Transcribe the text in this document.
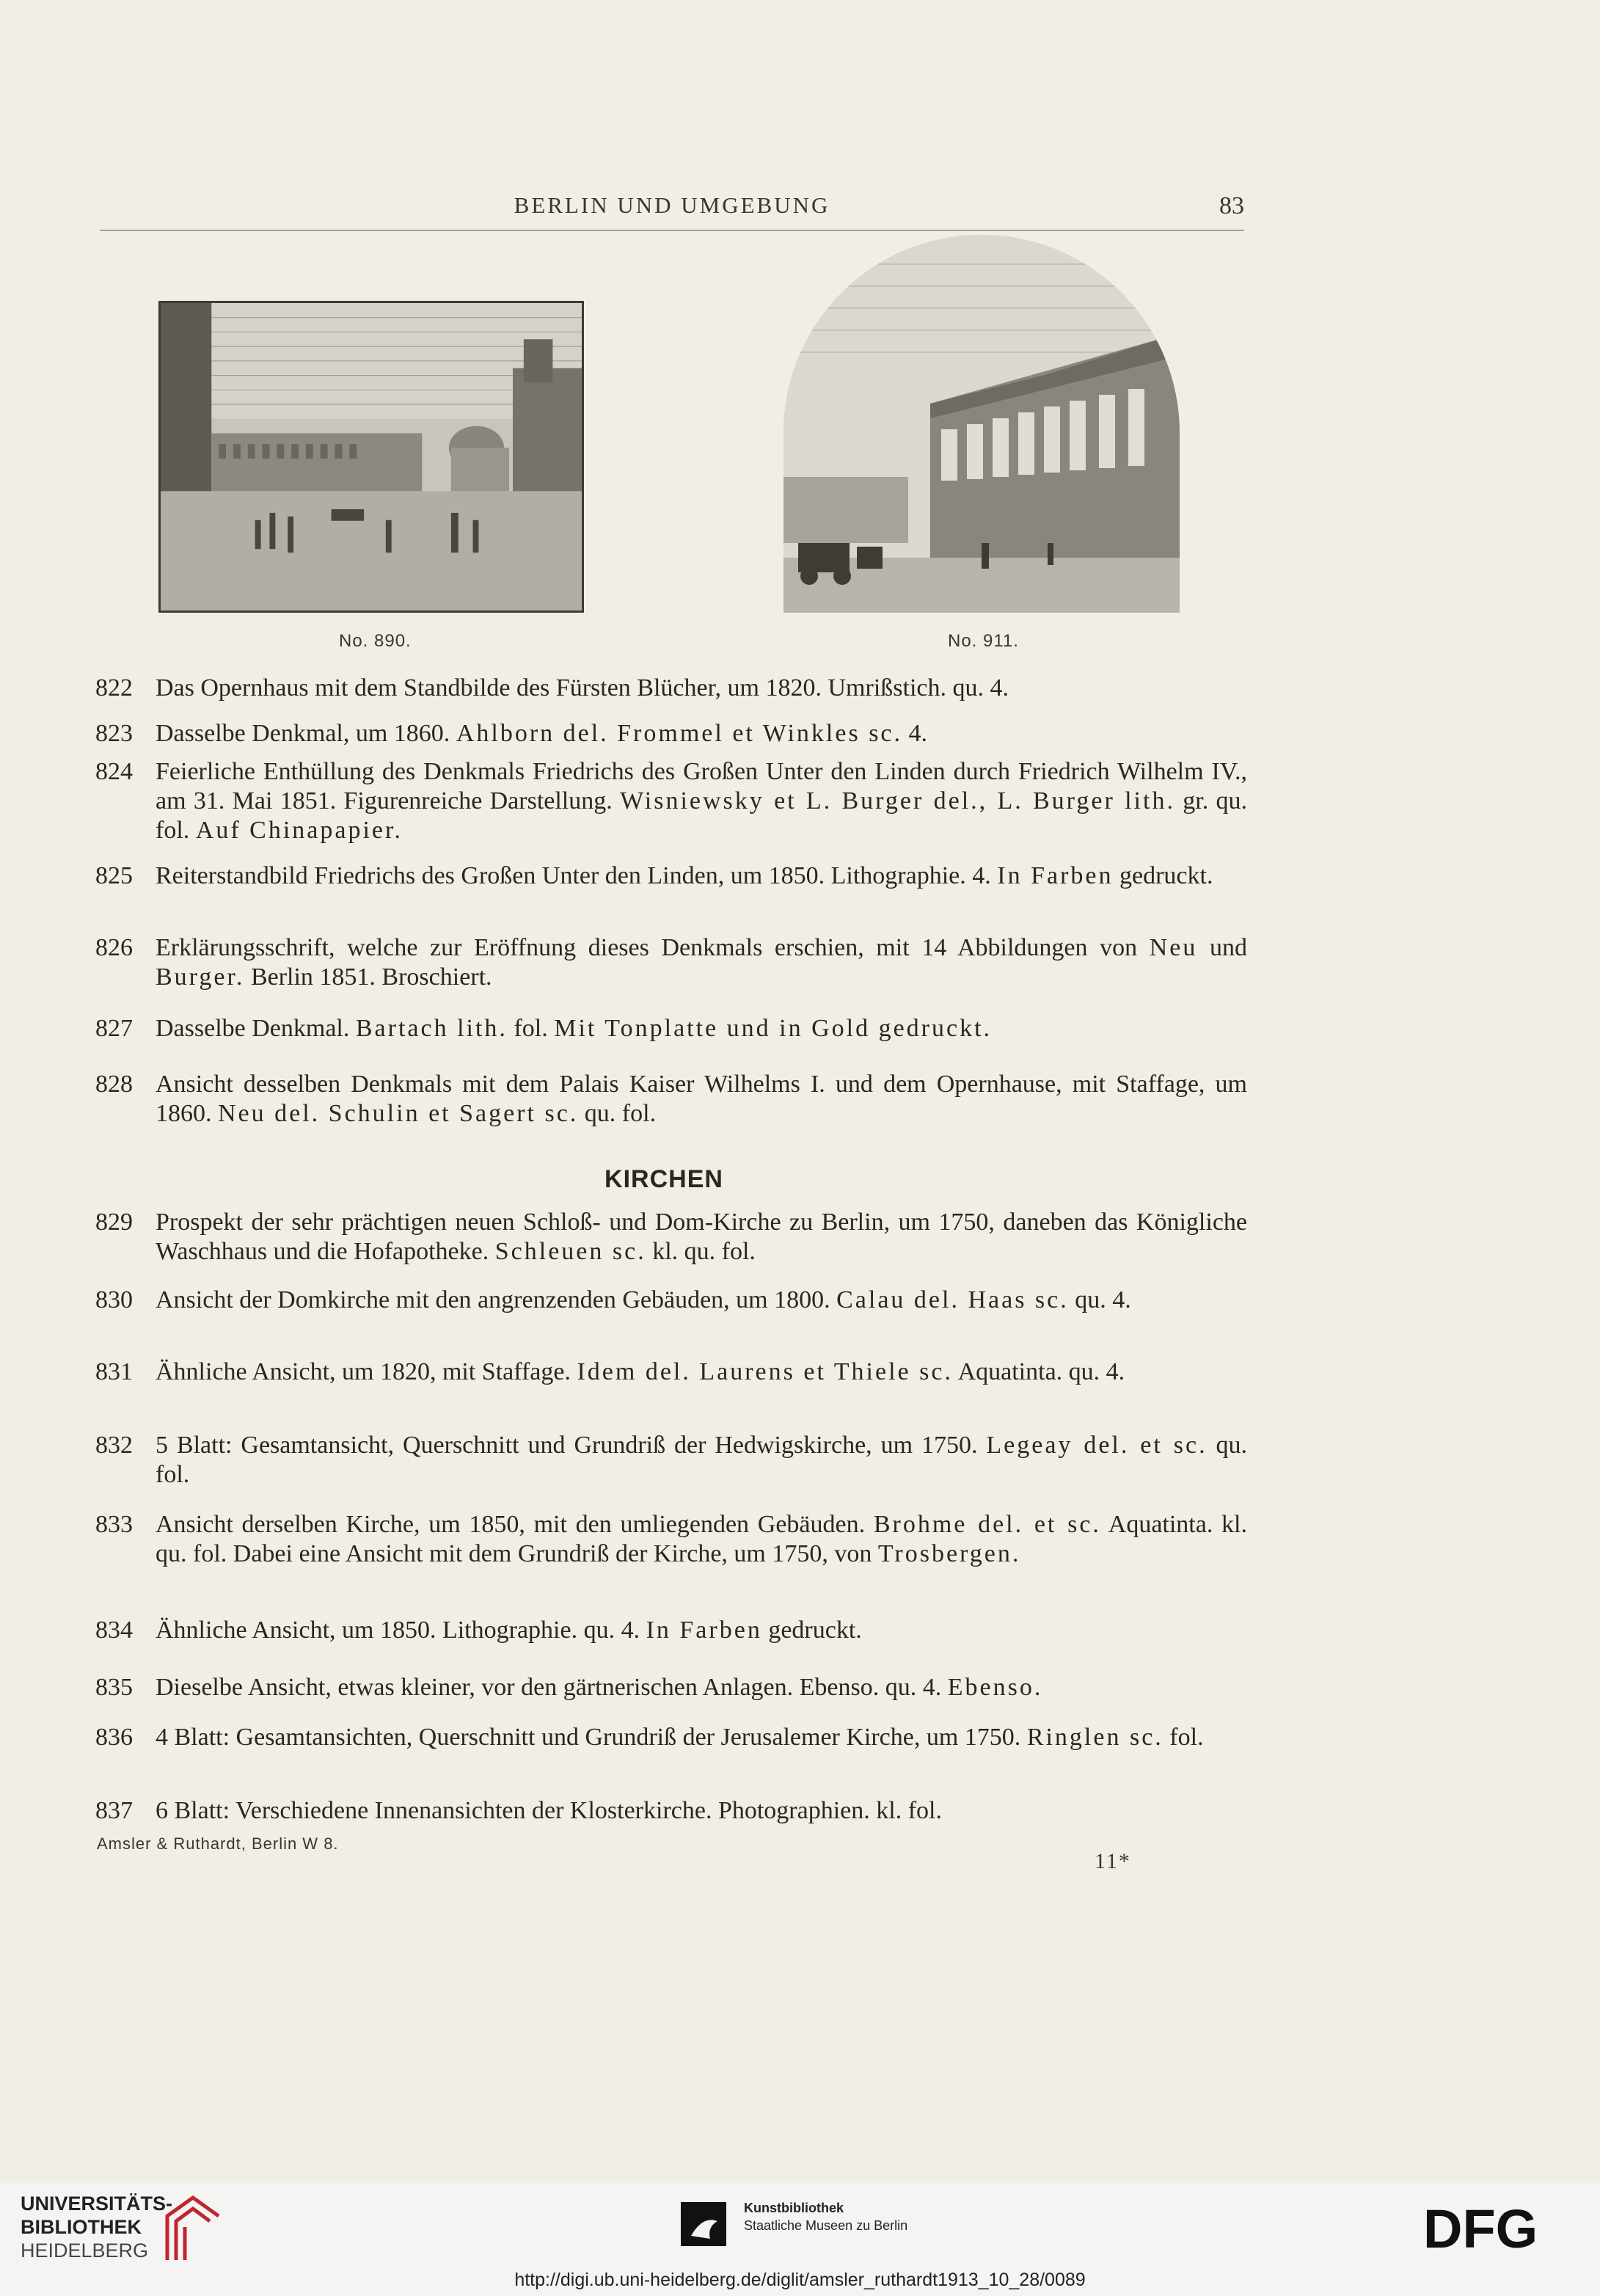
BERLIN UND UMGEBUNG	83
No. 890.	No. 911.
822 Das Opernhaus mit dem Standbilde des Fürsten Blücher, um 1820. Umrißstich. qu. 4.
823 Dasselbe Denkmal, um 1860. Ahlborn del. Frommel et Winkles sc. 4.
824 Feierliche Enthüllung des Denkmals Friedrichs des Großen Unter den Linden durch Friedrich Wilhelm IV., am 31. Mai 1851. Figurenreiche Darstellung. Wisniewsky et L. Burger del., L. Burger lith. gr. qu. fol. Auf Chinapapier.
825 Reiterstandbild Friedrichs des Großen Unter den Linden, um 1850. Lithographie. 4. In Farben gedruckt.
826 Erklärungsschrift, welche zur Eröffnung dieses Denkmals erschien, mit 14 Abbildungen von Neu und Burger. Berlin 1851. Broschiert.
827 Dasselbe Denkmal. Bartach lith. fol. Mit Tonplatte und in Gold gedruckt.
828 Ansicht desselben Denkmals mit dem Palais Kaiser Wilhelms I. und dem Opernhause, mit Staffage, um 1860. Neu del. Schulin et Sagert sc. qu. fol.
KIRCHEN
829 Prospekt der sehr prächtigen neuen Schloß- und Dom-Kirche zu Berlin, um 1750, daneben das Königliche Waschhaus und die Hofapotheke. Schleuen sc. kl. qu. fol.
830 Ansicht der Domkirche mit den angrenzenden Gebäuden, um 1800. Calau del. Haas sc. qu. 4.
831 Ähnliche Ansicht, um 1820, mit Staffage. Idem del. Laurens et Thiele sc. Aquatinta. qu. 4.
832 5 Blatt: Gesamtansicht, Querschnitt und Grundriß der Hedwigskirche, um 1750. Legeay del. et sc. qu. fol.
833 Ansicht derselben Kirche, um 1850, mit den umliegenden Gebäuden. Brohme del. et sc. Aquatinta. kl. qu. fol. Dabei eine Ansicht mit dem Grundriß der Kirche, um 1750, von Trosbergen.
834 Ähnliche Ansicht, um 1850. Lithographie. qu. 4. In Farben gedruckt.
835 Dieselbe Ansicht, etwas kleiner, vor den gärtnerischen Anlagen. Ebenso. qu. 4. Ebenso.
836 4 Blatt: Gesamtansichten, Querschnitt und Grundriß der Jerusalemer Kirche, um 1750. Ringlen sc. fol.
837 6 Blatt: Verschiedene Innenansichten der Klosterkirche. Photographien. kl. fol.
Amsler & Ruthardt, Berlin W 8.
11*
UNIVERSITÄTS-
BIBLIOTHEK
HEIDELBERG
Kunstbibliothek
Staatliche Museen zu Berlin	DFG
http://digi.ub.uni-heidelberg.de/diglit/amsler_ruthardt1913_10_28/0089
